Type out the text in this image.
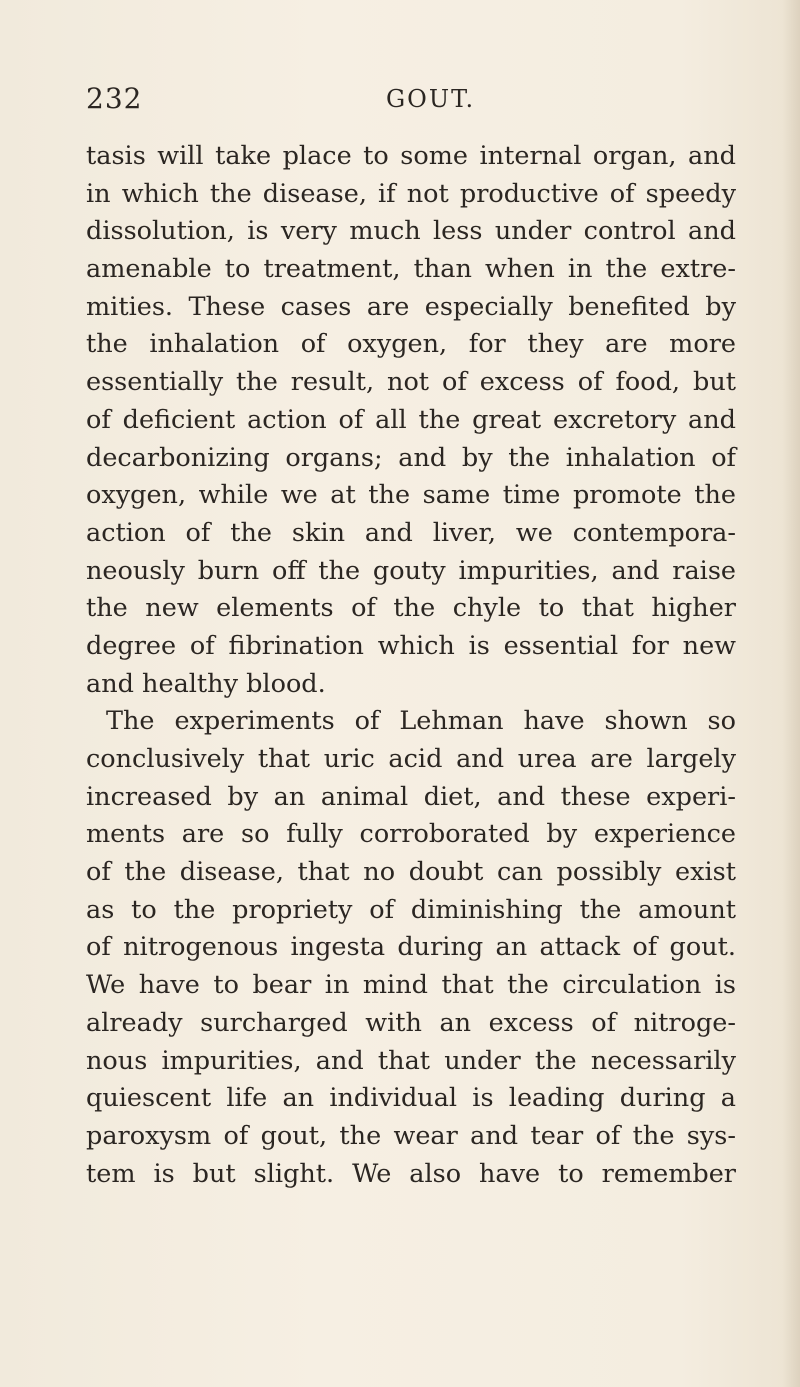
232	GOUT.
tasis will take place to some internal organ, and
in which the disease, if not productive of speedy
dissolution, is very much less under control and
amenable to treatment, than when in the extre-
mities. These cases are especially benefited by
the inhalation of oxygen, for they are more
essentially the result, not of excess of food, but
of deficient action of all the great excretory and
decarbonizing organs; and by the inhalation of
oxygen, while we at the same time promote the
action of the skin and liver, we contempora-
neously burn off the gouty impurities, and raise
the new elements of the chyle to that higher
degree of fibrination which is essential for new
and healthy blood.
The experiments of Lehman have shown so
conclusively that uric acid and urea are largely
increased by an animal diet, and these experi-
ments are so fully corroborated by experience
of the disease, that no doubt can possibly exist
as to the propriety of diminishing the amount
of nitrogenous ingesta during an attack of gout.
We have to bear in mind that the circulation is
already surcharged with an excess of nitroge-
nous impurities, and that under the necessarily
quiescent life an individual is leading during a
paroxysm of gout, the wear and tear of the sys-
tem is but slight. We also have to remember
